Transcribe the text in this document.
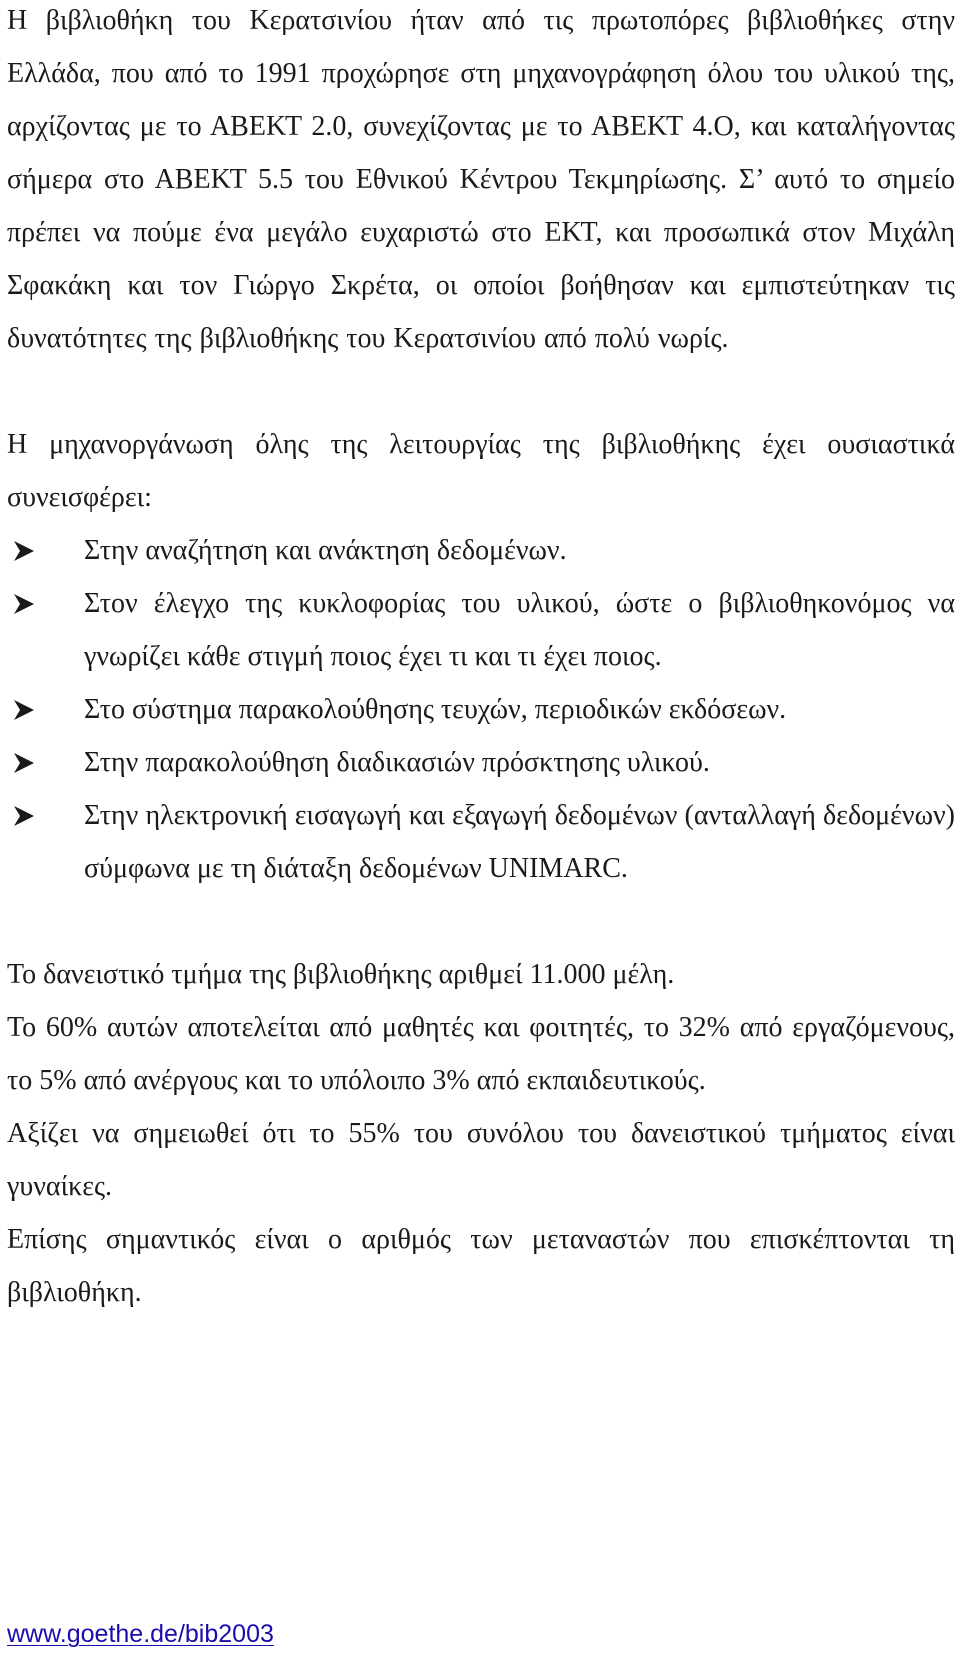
Η βιβλιοθήκη του Κερατσινίου ήταν από τις πρωτοπόρες βιβλιοθήκες στην Ελλάδα, που από το 1991 προχώρησε στη μηχανογράφηση όλου του υλικού της, αρχίζοντας με το ΑΒΕΚΤ 2.0, συνεχίζοντας με το ΑΒΕΚΤ 4.Ο, και καταλήγοντας σήμερα στο ΑΒΕΚΤ 5.5 του Εθνικού Κέντρου Τεκμηρίωσης. Σ’ αυτό το σημείο πρέπει να πούμε ένα μεγάλο ευχαριστώ στο ΕΚΤ, και προσωπικά στον Μιχάλη Σφακάκη και τον Γιώργο Σκρέτα, οι οποίοι βοήθησαν και εμπιστεύτηκαν τις δυνατότητες της βιβλιοθήκης του Κερατσινίου από πολύ νωρίς.

Η μηχανοργάνωση όλης της λειτουργίας της βιβλιοθήκης έχει ουσιαστικά συνεισφέρει:

Στην αναζήτηση και ανάκτηση δεδομένων.
Στον έλεγχο της κυκλοφορίας του υλικού, ώστε ο βιβλιοθηκονόμος να γνωρίζει κάθε στιγμή ποιος έχει τι και τι έχει ποιος.
Στο σύστημα παρακολούθησης τευχών, περιοδικών εκδόσεων.
Στην παρακολούθηση διαδικασιών πρόσκτησης υλικού.
Στην ηλεκτρονική εισαγωγή και εξαγωγή δεδομένων (ανταλλαγή δεδομένων) σύμφωνα με τη διάταξη δεδομένων UNIMARC.

Το δανειστικό τμήμα της βιβλιοθήκης αριθμεί 11.000 μέλη.

Το 60% αυτών αποτελείται από μαθητές και φοιτητές, το 32% από εργαζόμενους, το 5% από ανέργους και το υπόλοιπο 3% από εκπαιδευτικούς.

Αξίζει να σημειωθεί ότι το 55% του συνόλου του δανειστικού τμήματος είναι γυναίκες.

Επίσης σημαντικός είναι ο αριθμός των μεταναστών που επισκέπτονται τη βιβλιοθήκη.

www.goethe.de/bib2003
